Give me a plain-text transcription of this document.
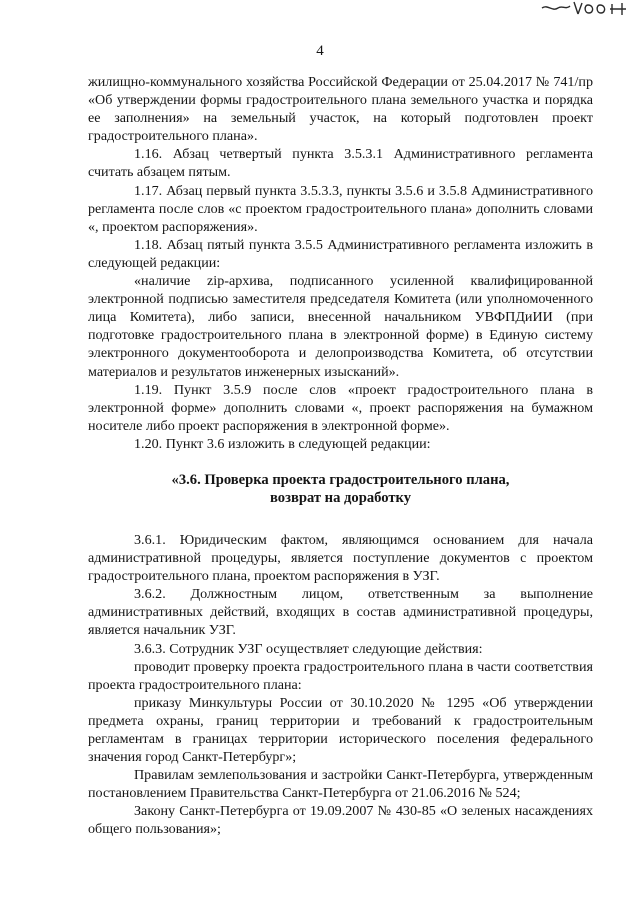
4

жилищно-коммунального хозяйства Российской Федерации от 25.04.2017 № 741/пр «Об утверждении формы градостроительного плана земельного участка и порядка ее заполнения» на земельный участок, на который подготовлен проект градостроительного плана».

1.16. Абзац четвертый пункта 3.5.3.1 Административного регламента считать абзацем пятым.

1.17. Абзац первый пункта 3.5.3.3, пункты 3.5.6 и 3.5.8 Административного регламента после слов «с проектом градостроительного плана» дополнить словами «, проектом распоряжения».

1.18. Абзац пятый пункта 3.5.5 Административного регламента изложить в следующей редакции:

«наличие zip-архива, подписанного усиленной квалифицированной электронной подписью заместителя председателя Комитета (или уполномоченного лица Комитета), либо записи, внесенной начальником УВФПДиИИ (при подготовке градостроительного плана в электронной форме) в Единую систему электронного документооборота и делопроизводства Комитета, об отсутствии материалов и результатов инженерных изысканий».

1.19. Пункт 3.5.9 после слов «проект градостроительного плана в электронной форме» дополнить словами «, проект распоряжения на бумажном носителе либо проект распоряжения в электронной форме».

1.20. Пункт 3.6 изложить в следующей редакции:

«3.6. Проверка проекта градостроительного плана,
возврат на доработку

3.6.1. Юридическим фактом, являющимся основанием для начала административной процедуры, является поступление документов с проектом градостроительного плана, проектом распоряжения в УЗГ.

3.6.2. Должностным лицом, ответственным за выполнение административных действий, входящих в состав административной процедуры, является начальник УЗГ.

3.6.3. Сотрудник УЗГ осуществляет следующие действия:

проводит проверку проекта градостроительного плана в части соответствия проекта градостроительного плана:

приказу Минкультуры России от 30.10.2020 № 1295 «Об утверждении предмета охраны, границ территории и требований к градостроительным регламентам в границах территории исторического поселения федерального значения город Санкт-Петербург»;

Правилам землепользования и застройки Санкт-Петербурга, утвержденным постановлением Правительства Санкт-Петербурга от 21.06.2016 № 524;

Закону Санкт-Петербурга от 19.09.2007 № 430-85 «О зеленых насаждениях общего пользования»;
